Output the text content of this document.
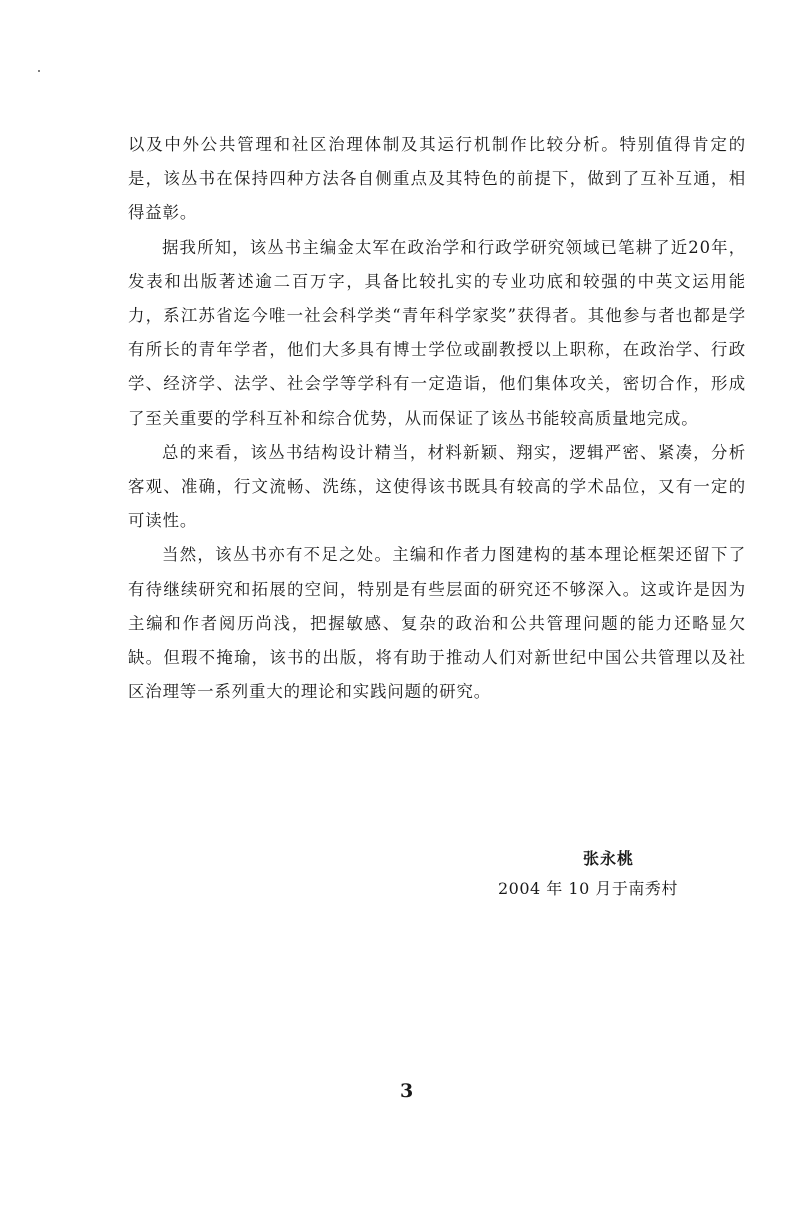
以及中外公共管理和社区治理体制及其运行机制作比较分析。特别值得肯定的是，该丛书在保持四种方法各自侧重点及其特色的前提下，做到了互补互通，相得益彰。

据我所知，该丛书主编金太军在政治学和行政学研究领域已笔耕了近20年，发表和出版著述逾二百万字，具备比较扎实的专业功底和较强的中英文运用能力，系江苏省迄今唯一社会科学类“青年科学家奖”获得者。其他参与者也都是学有所长的青年学者，他们大多具有博士学位或副教授以上职称，在政治学、行政学、经济学、法学、社会学等学科有一定造诣，他们集体攻关，密切合作，形成了至关重要的学科互补和综合优势，从而保证了该丛书能较高质量地完成。

总的来看，该丛书结构设计精当，材料新颖、翔实，逻辑严密、紧凑，分析客观、准确，行文流畅、洗练，这使得该书既具有较高的学术品位，又有一定的可读性。

当然，该丛书亦有不足之处。主编和作者力图建构的基本理论框架还留下了有待继续研究和拓展的空间，特别是有些层面的研究还不够深入。这或许是因为主编和作者阅历尚浅，把握敏感、复杂的政治和公共管理问题的能力还略显欠缺。但瑕不掩瑜，该书的出版，将有助于推动人们对新世纪中国公共管理以及社区治理等一系列重大的理论和实践问题的研究。

张永桃
2004 年 10 月于南秀村
3
